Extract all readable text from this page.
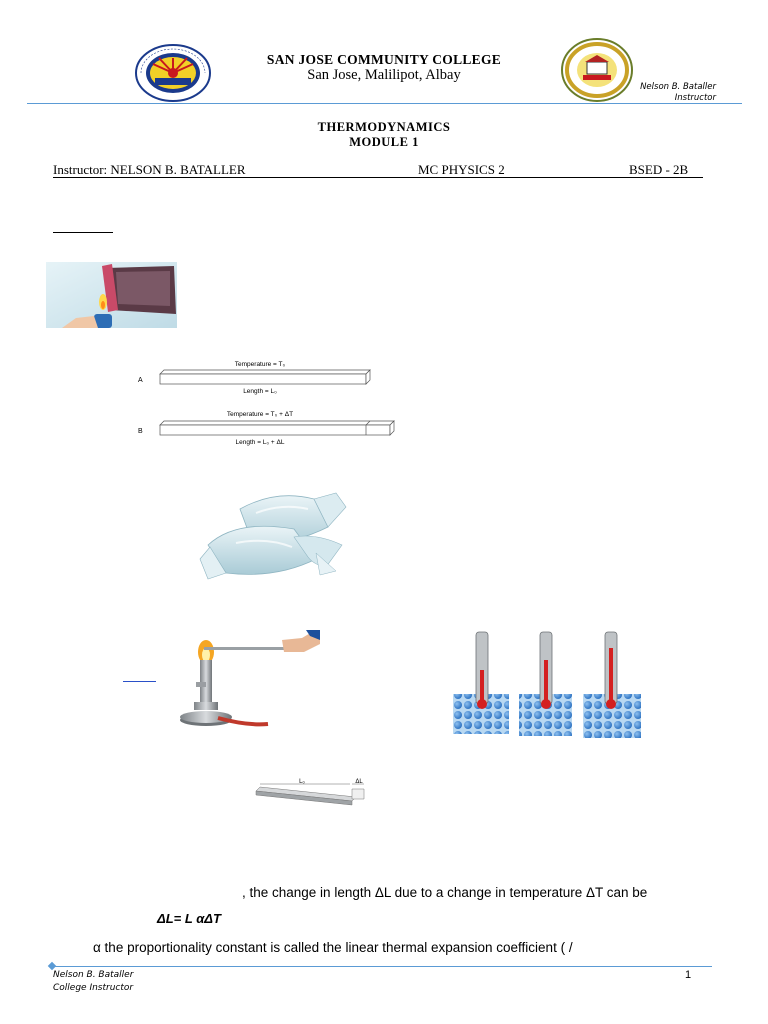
SAN JOSE COMMUNITY COLLEGE
San Jose, Malilipot, Albay
Nelson B. Bataller
Instructor
THERMODYNAMICS
MODULE 1
Instructor: NELSON B. BATALLER	MC PHYSICS 2	BSED - 2B
Temperature = T₀
A
Length = L₀
Temperature = T₀ + ΔT
B
Length = L₀ + ΔL
L₀	ΔL
, the change in length ΔL due to a change in temperature ΔT can be
ΔL= L αΔT
α the proportionality constant is called the linear thermal expansion coefficient ( /
Nelson B. Bataller
College Instructor
1
